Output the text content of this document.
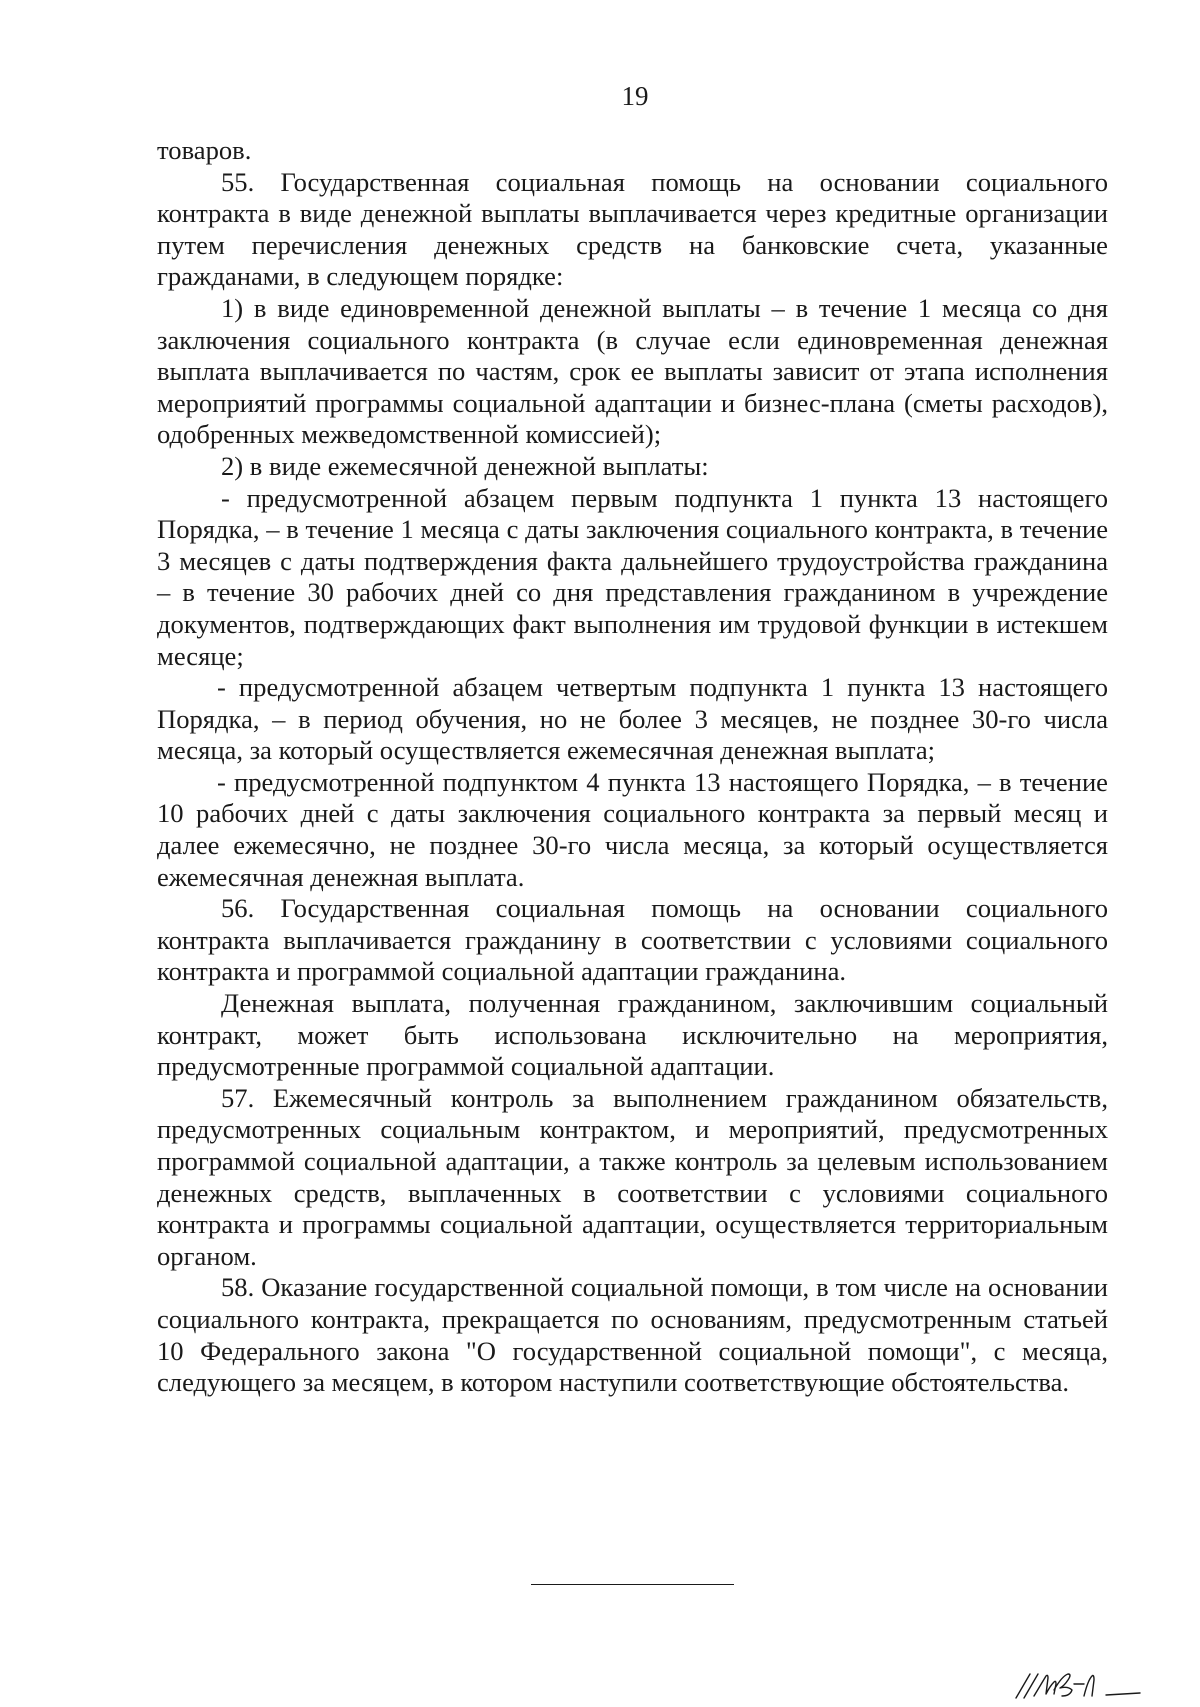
19

товаров.

55. Государственная социальная помощь на основании социального контракта в виде денежной выплаты выплачивается через кредитные организации путем перечисления денежных средств на банковские счета, указанные гражданами, в следующем порядке:

1) в виде единовременной денежной выплаты – в течение 1 месяца со дня заключения социального контракта (в случае если единовременная денежная выплата выплачивается по частям, срок ее выплаты зависит от этапа исполнения мероприятий программы социальной адаптации и бизнес-плана (сметы расходов), одобренных межведомственной комиссией);

2) в виде ежемесячной денежной выплаты:

- предусмотренной абзацем первым подпункта 1 пункта 13 настоящего Порядка, – в течение 1 месяца с даты заключения социального контракта, в течение 3 месяцев с даты подтверждения факта дальнейшего трудоустройства гражданина – в течение 30 рабочих дней со дня представления гражданином в учреждение документов, подтверждающих факт выполнения им трудовой функции в истекшем месяце;

- предусмотренной абзацем четвертым подпункта 1 пункта 13 настоящего Порядка, – в период обучения, но не более 3 месяцев, не позднее 30-го числа месяца, за который осуществляется ежемесячная денежная выплата;

- предусмотренной подпунктом 4 пункта 13 настоящего Порядка, – в течение 10 рабочих дней с даты заключения социального контракта за первый месяц и далее ежемесячно, не позднее 30-го числа месяца, за который осуществляется ежемесячная денежная выплата.

56. Государственная социальная помощь на основании социального контракта выплачивается гражданину в соответствии с условиями социального контракта и программой социальной адаптации гражданина.

Денежная выплата, полученная гражданином, заключившим социальный контракт, может быть использована исключительно на мероприятия, предусмотренные программой социальной адаптации.

57. Ежемесячный контроль за выполнением гражданином обязательств, предусмотренных социальным контрактом, и мероприятий, предусмотренных программой социальной адаптации, а также контроль за целевым использованием денежных средств, выплаченных в соответствии с условиями социального контракта и программы социальной адаптации, осуществляется территориальным органом.

58. Оказание государственной социальной помощи, в том числе на основании социального контракта, прекращается по основаниям, предусмотренным статьей 10 Федерального закона "О государственной социальной помощи", с месяца, следующего за месяцем, в котором наступили соответствующие обстоятельства.
